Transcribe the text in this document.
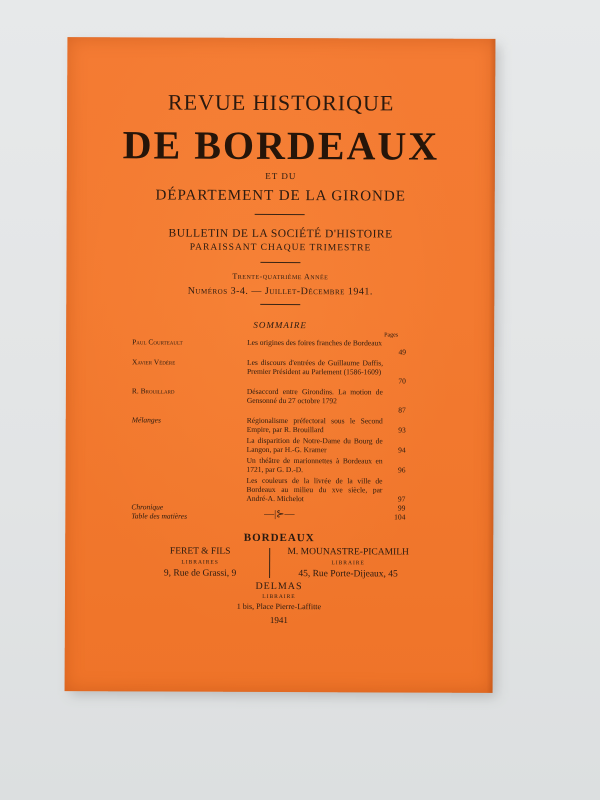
REVUE HISTORIQUE
DE BORDEAUX
ET DU
DÉPARTEMENT DE LA GIRONDE
BULLETIN DE LA SOCIÉTÉ D'HISTOIRE
PARAISSANT CHAQUE TRIMESTRE
Trente-quatrième Année
Numéros 3-4. — Juillet-Décembre 1941.
SOMMAIRE
Pages
Paul Courteault	Les origines des foires franches de Bordeaux
49
Xavier Védère	Les discours d'entrées de Guillaume Daffis, Premier Président au Parlement (1586-1609)
70
R. Brouillard	Désaccord entre Girondins. La motion de Gensonné du 27 octobre 1792
87
Mélanges	Régionalisme préfectoral sous le Second Empire, par R. Brouillard	93
La disparition de Notre-Dame du Bourg de Langon, par H.-G. Kramer	94
Un théâtre de marionnettes à Bordeaux en 1721, par G. D.-D.	96
Les couleurs de la livrée de la ville de Bordeaux au milieu du xve siècle, par André-A. Michelot	97
Chronique	99
Table des matières	104
—|⊱—
BORDEAUX
FERET & FILS
LIBRAIRES
9, Rue de Grassi, 9
M. MOUNASTRE-PICAMILH
LIBRAIRE
45, Rue Porte-Dijeaux, 45
DELMAS
LIBRAIRE
1 bis, Place Pierre-Laffitte
1941
